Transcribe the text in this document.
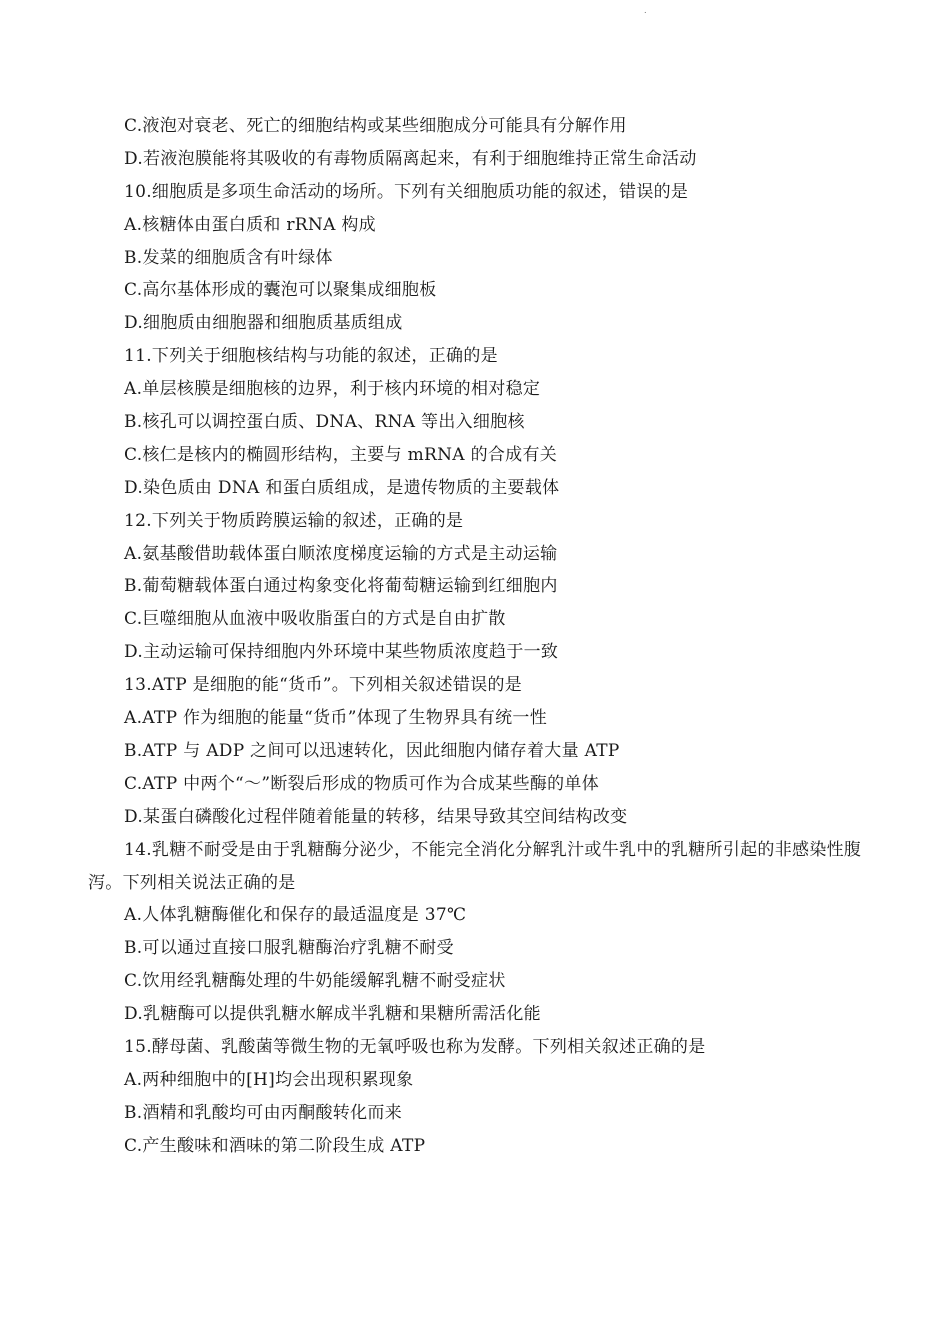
.
C.液泡对衰老、死亡的细胞结构或某些细胞成分可能具有分解作用
D.若液泡膜能将其吸收的有毒物质隔离起来，有利于细胞维持正常生命活动
10.细胞质是多项生命活动的场所。下列有关细胞质功能的叙述，错误的是
A.核糖体由蛋白质和 rRNA 构成
B.发菜的细胞质含有叶绿体
C.高尔基体形成的囊泡可以聚集成细胞板
D.细胞质由细胞器和细胞质基质组成
11.下列关于细胞核结构与功能的叙述，正确的是
A.单层核膜是细胞核的边界，利于核内环境的相对稳定
B.核孔可以调控蛋白质、DNA、RNA 等出入细胞核
C.核仁是核内的椭圆形结构，主要与 mRNA 的合成有关
D.染色质由 DNA 和蛋白质组成，是遗传物质的主要载体
12.下列关于物质跨膜运输的叙述，正确的是
A.氨基酸借助载体蛋白顺浓度梯度运输的方式是主动运输
B.葡萄糖载体蛋白通过构象变化将葡萄糖运输到红细胞内
C.巨噬细胞从血液中吸收脂蛋白的方式是自由扩散
D.主动运输可保持细胞内外环境中某些物质浓度趋于一致
13.ATP 是细胞的能“货币”。下列相关叙述错误的是
A.ATP 作为细胞的能量“货币”体现了生物界具有统一性
B.ATP 与 ADP 之间可以迅速转化，因此细胞内储存着大量 ATP
C.ATP 中两个“～”断裂后形成的物质可作为合成某些酶的单体
D.某蛋白磷酸化过程伴随着能量的转移，结果导致其空间结构改变
14.乳糖不耐受是由于乳糖酶分泌少，不能完全消化分解乳汁或牛乳中的乳糖所引起的非感染性腹泻。下列相关说法正确的是
A.人体乳糖酶催化和保存的最适温度是 37℃
B.可以通过直接口服乳糖酶治疗乳糖不耐受
C.饮用经乳糖酶处理的牛奶能缓解乳糖不耐受症状
D.乳糖酶可以提供乳糖水解成半乳糖和果糖所需活化能
15.酵母菌、乳酸菌等微生物的无氧呼吸也称为发酵。下列相关叙述正确的是
A.两种细胞中的[H]均会出现积累现象
B.酒精和乳酸均可由丙酮酸转化而来
C.产生酸味和酒味的第二阶段生成 ATP
